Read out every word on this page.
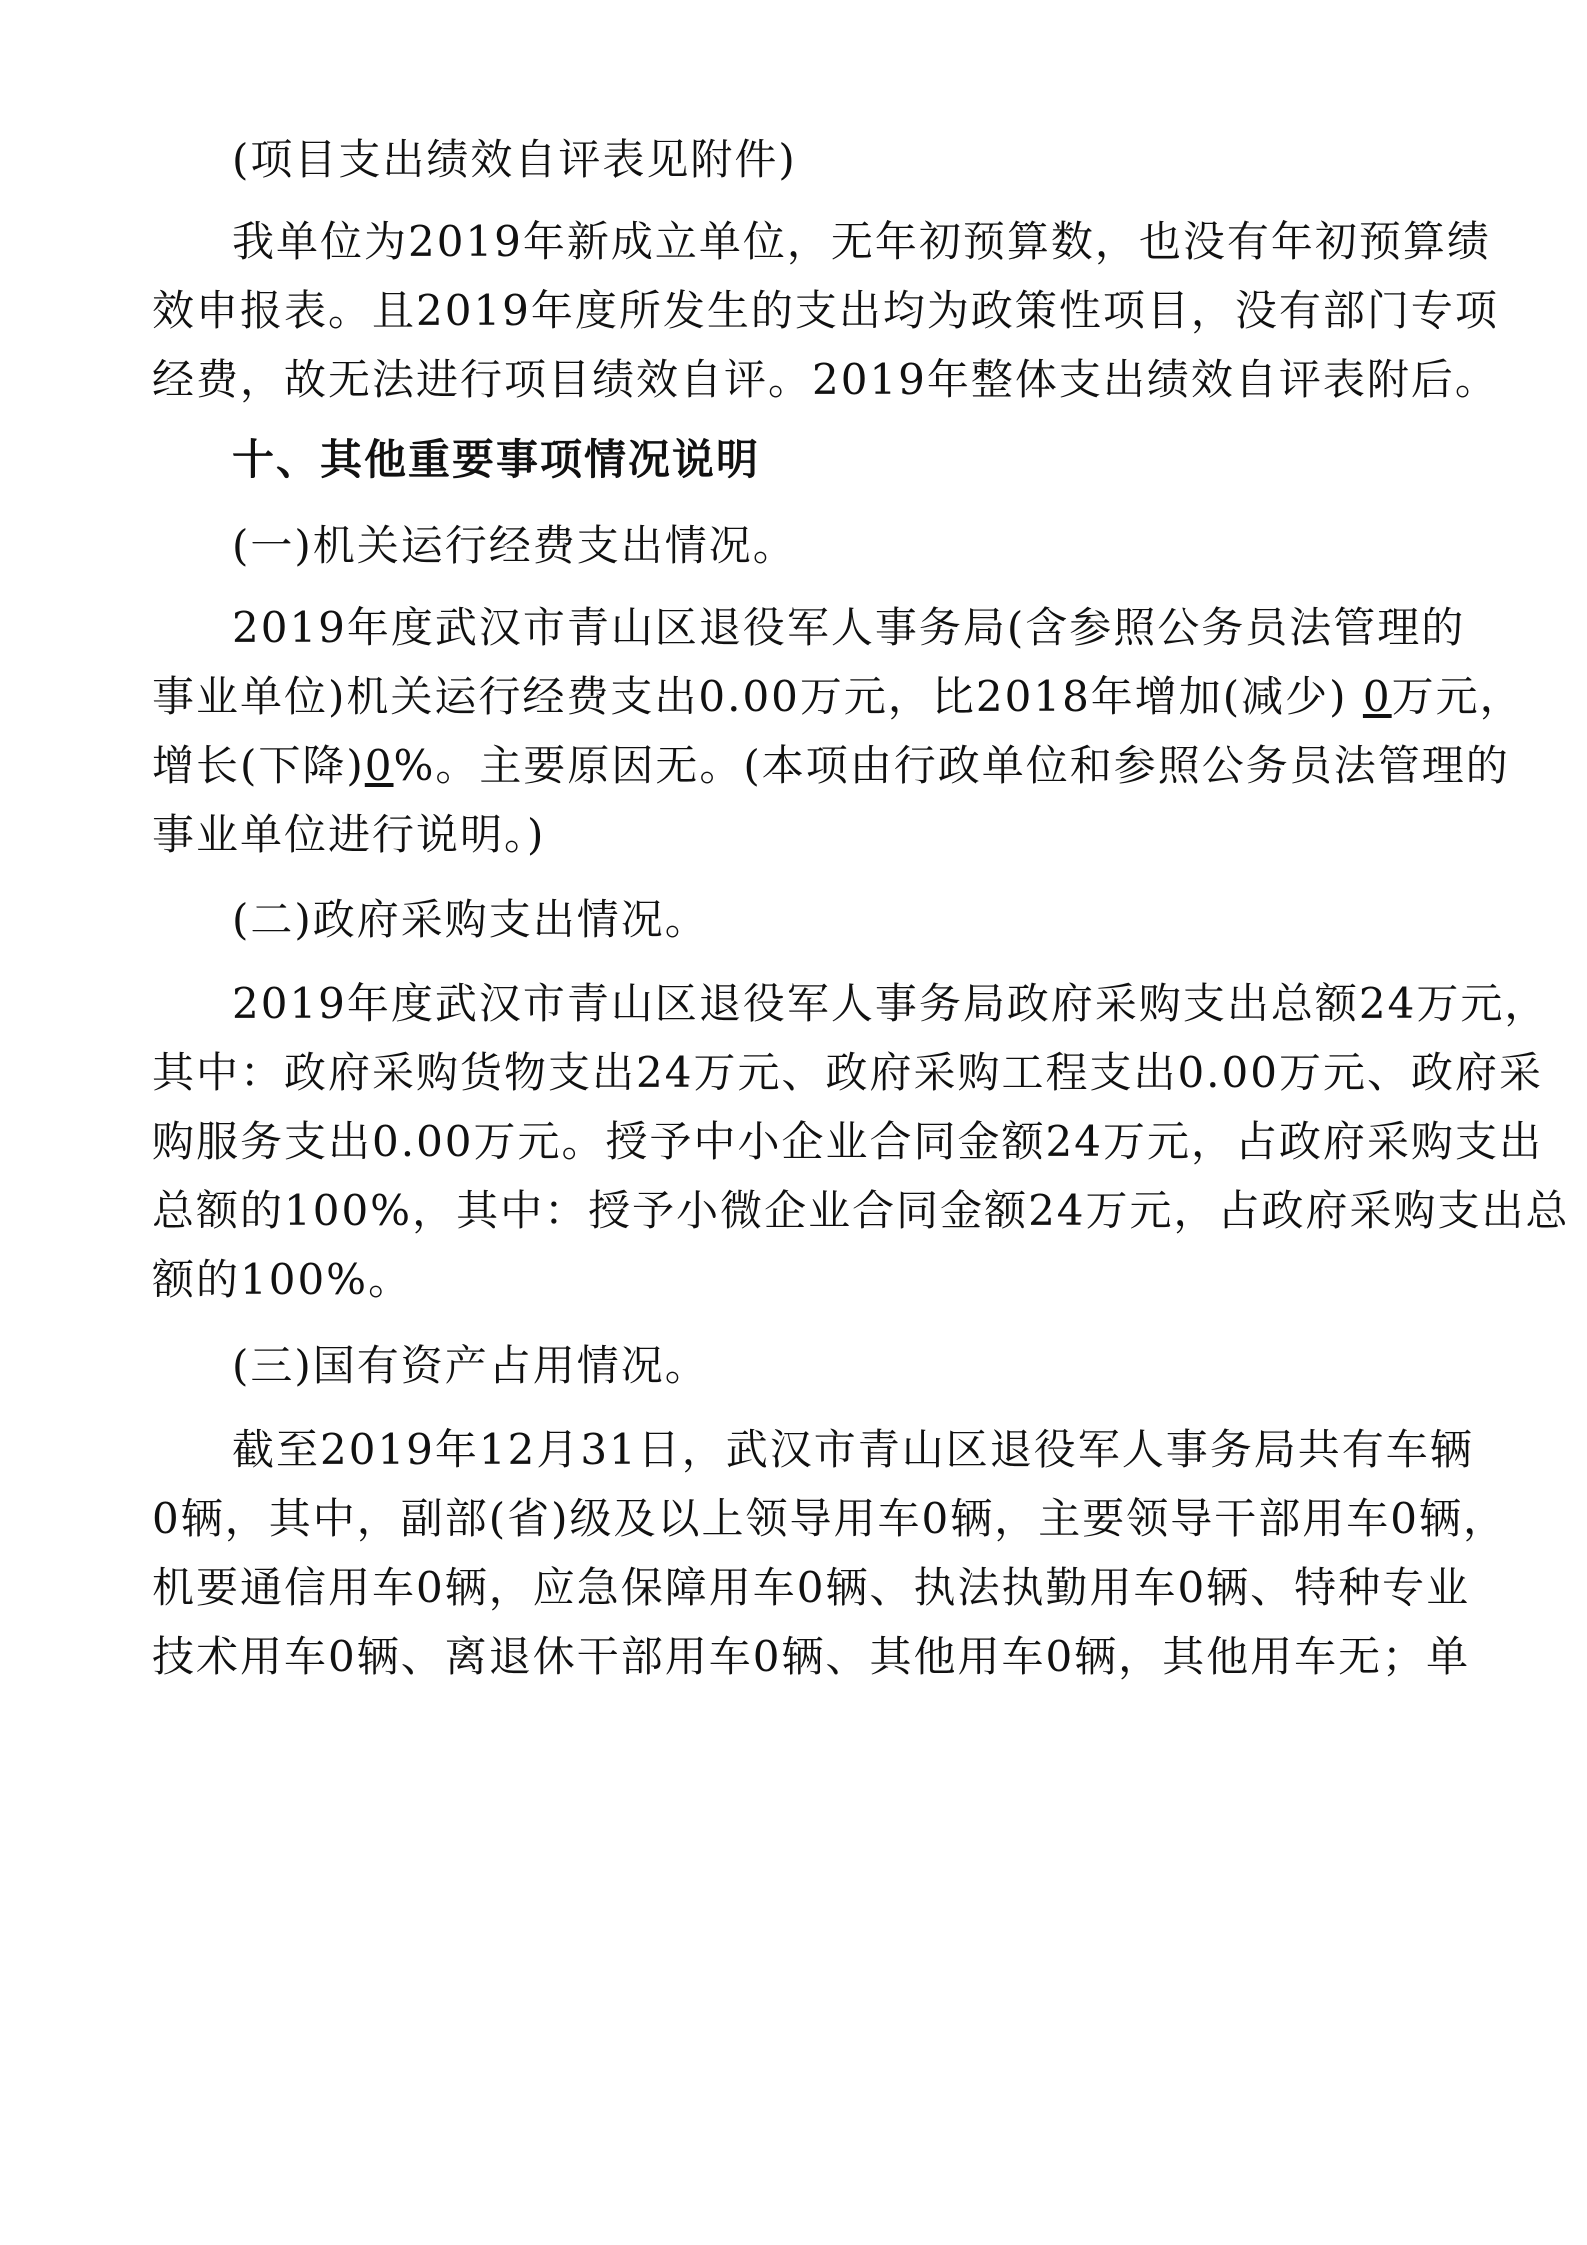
(项目支出绩效自评表见附件)
我单位为2019年新成立单位，无年初预算数，也没有年初预算绩
效申报表。且2019年度所发生的支出均为政策性项目，没有部门专项
经费，故无法进行项目绩效自评。2019年整体支出绩效自评表附后。
十、其他重要事项情况说明
(一)机关运行经费支出情况。
2019年度武汉市青山区退役军人事务局(含参照公务员法管理的
事业单位)机关运行经费支出0.00万元，比2018年增加(减少) 0万元，
增长(下降)0%。主要原因无。(本项由行政单位和参照公务员法管理的
事业单位进行说明。)
(二)政府采购支出情况。
2019年度武汉市青山区退役军人事务局政府采购支出总额24万元，
其中：政府采购货物支出24万元、政府采购工程支出0.00万元、政府采
购服务支出0.00万元。授予中小企业合同金额24万元，占政府采购支出
总额的100%，其中：授予小微企业合同金额24万元，占政府采购支出总
额的100%。
(三)国有资产占用情况。
截至2019年12月31日，武汉市青山区退役军人事务局共有车辆
0辆，其中，副部(省)级及以上领导用车0辆，主要领导干部用车0辆，
机要通信用车0辆，应急保障用车0辆、执法执勤用车0辆、特种专业
技术用车0辆、离退休干部用车0辆、其他用车0辆，其他用车无；单
